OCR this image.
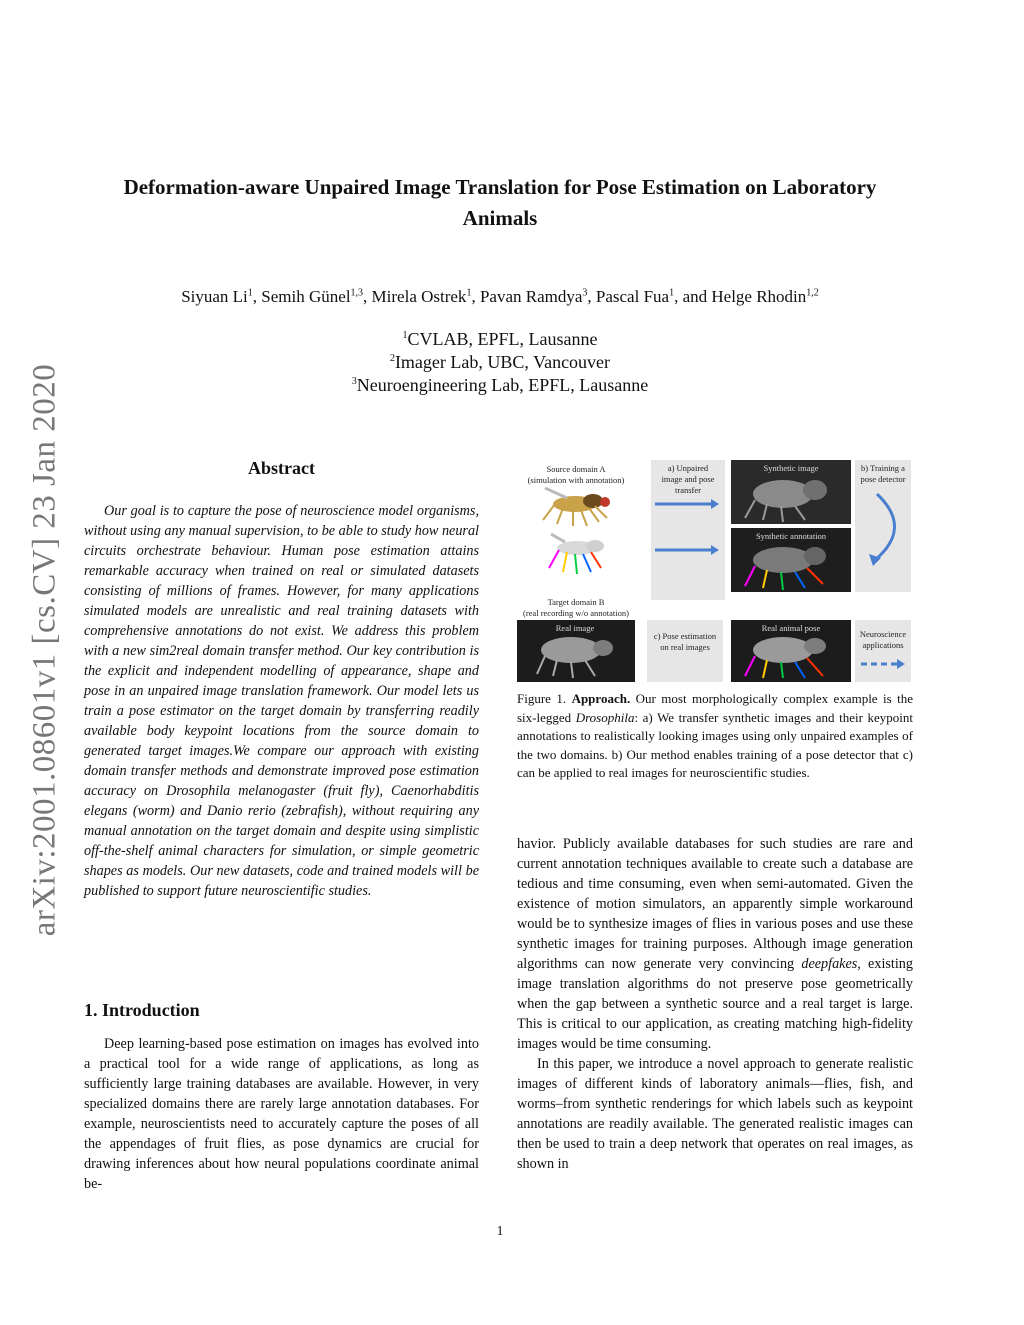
Deformation-aware Unpaired Image Translation for Pose Estimation on Laboratory Animals
Siyuan Li$^1$, Semih Günel$^{1,3}$, Mirela Ostrek$^1$, Pavan Ramdya$^3$, Pascal Fua$^1$, and Helge Rhodin$^{1,2}$
$^1$CVLAB, EPFL, Lausanne
$^2$Imager Lab, UBC, Vancouver
$^3$Neuroengineering Lab, EPFL, Lausanne
arXiv:2001.08601v1 [cs.CV] 23 Jan 2020	Abstract
Our goal is to capture the pose of neuroscience model organisms, without using any manual supervision, to be able to study how neural circuits orchestrate behaviour. Human pose estimation attains remarkable accuracy when trained on real or simulated datasets consisting of millions of frames. However, for many applications simulated models are unrealistic and real training datasets with comprehensive annotations do not exist. We address this problem with a new sim2real domain transfer method. Our key contribution is the explicit and independent modelling of appearance, shape and pose in an unpaired image translation framework. Our model lets us train a pose estimator on the target domain by transferring readily available body keypoint locations from the source domain to generated target images.We compare our approach with existing domain transfer methods and demonstrate improved pose estimation accuracy on Drosophila melanogaster (fruit fly), Caenorhabditis elegans (worm) and Danio rerio (zebrafish), without requiring any manual annotation on the target domain and despite using simplistic off-the-shelf animal characters for simulation, or simple geometric shapes as models. Our new datasets, code and trained models will be published to support future neuroscientific studies.
1. Introduction
Deep learning-based pose estimation on images has evolved into a practical tool for a wide range of applications, as long as sufficiently large training databases are available. However, in very specialized domains there are rarely large annotation databases. For example, neuroscientists need to accurately capture the poses of all the appendages of fruit flies, as pose dynamics are crucial for drawing inferences about how neural populations coordinate animal be-
Source domain A
(simulation with annotation)
a) Unpaired
image and pose
transfer
Synthetic image
Synthetic annotation
b) Training a
pose detector
Target domain B
(real recording w/o annotation)
Real image
c) Pose estimation
on real images
Real animal pose
Neuroscience
applications
Figure 1. Approach. Our most morphologically complex example is the six-legged Drosophila: a) We transfer synthetic images and their keypoint annotations to realistically looking images using only unpaired examples of the two domains. b) Our method enables training of a pose detector that c) can be applied to real images for neuroscientific studies.

havior. Publicly available databases for such studies are rare and current annotation techniques available to create such a database are tedious and time consuming, even when semi-automated. Given the existence of motion simulators, an apparently simple workaround would be to synthesize images of flies in various poses and use these synthetic images for training purposes. Although image generation algorithms can now generate very convincing deepfakes, existing image translation algorithms do not preserve pose geometrically when the gap between a synthetic source and a real target is large. This is critical to our application, as creating matching high-fidelity images would be time consuming.

In this paper, we introduce a novel approach to generate realistic images of different kinds of laboratory animals—flies, fish, and worms–from synthetic renderings for which labels such as keypoint annotations are readily available. The generated realistic images can then be used to train a deep network that operates on real images, as shown in

1
